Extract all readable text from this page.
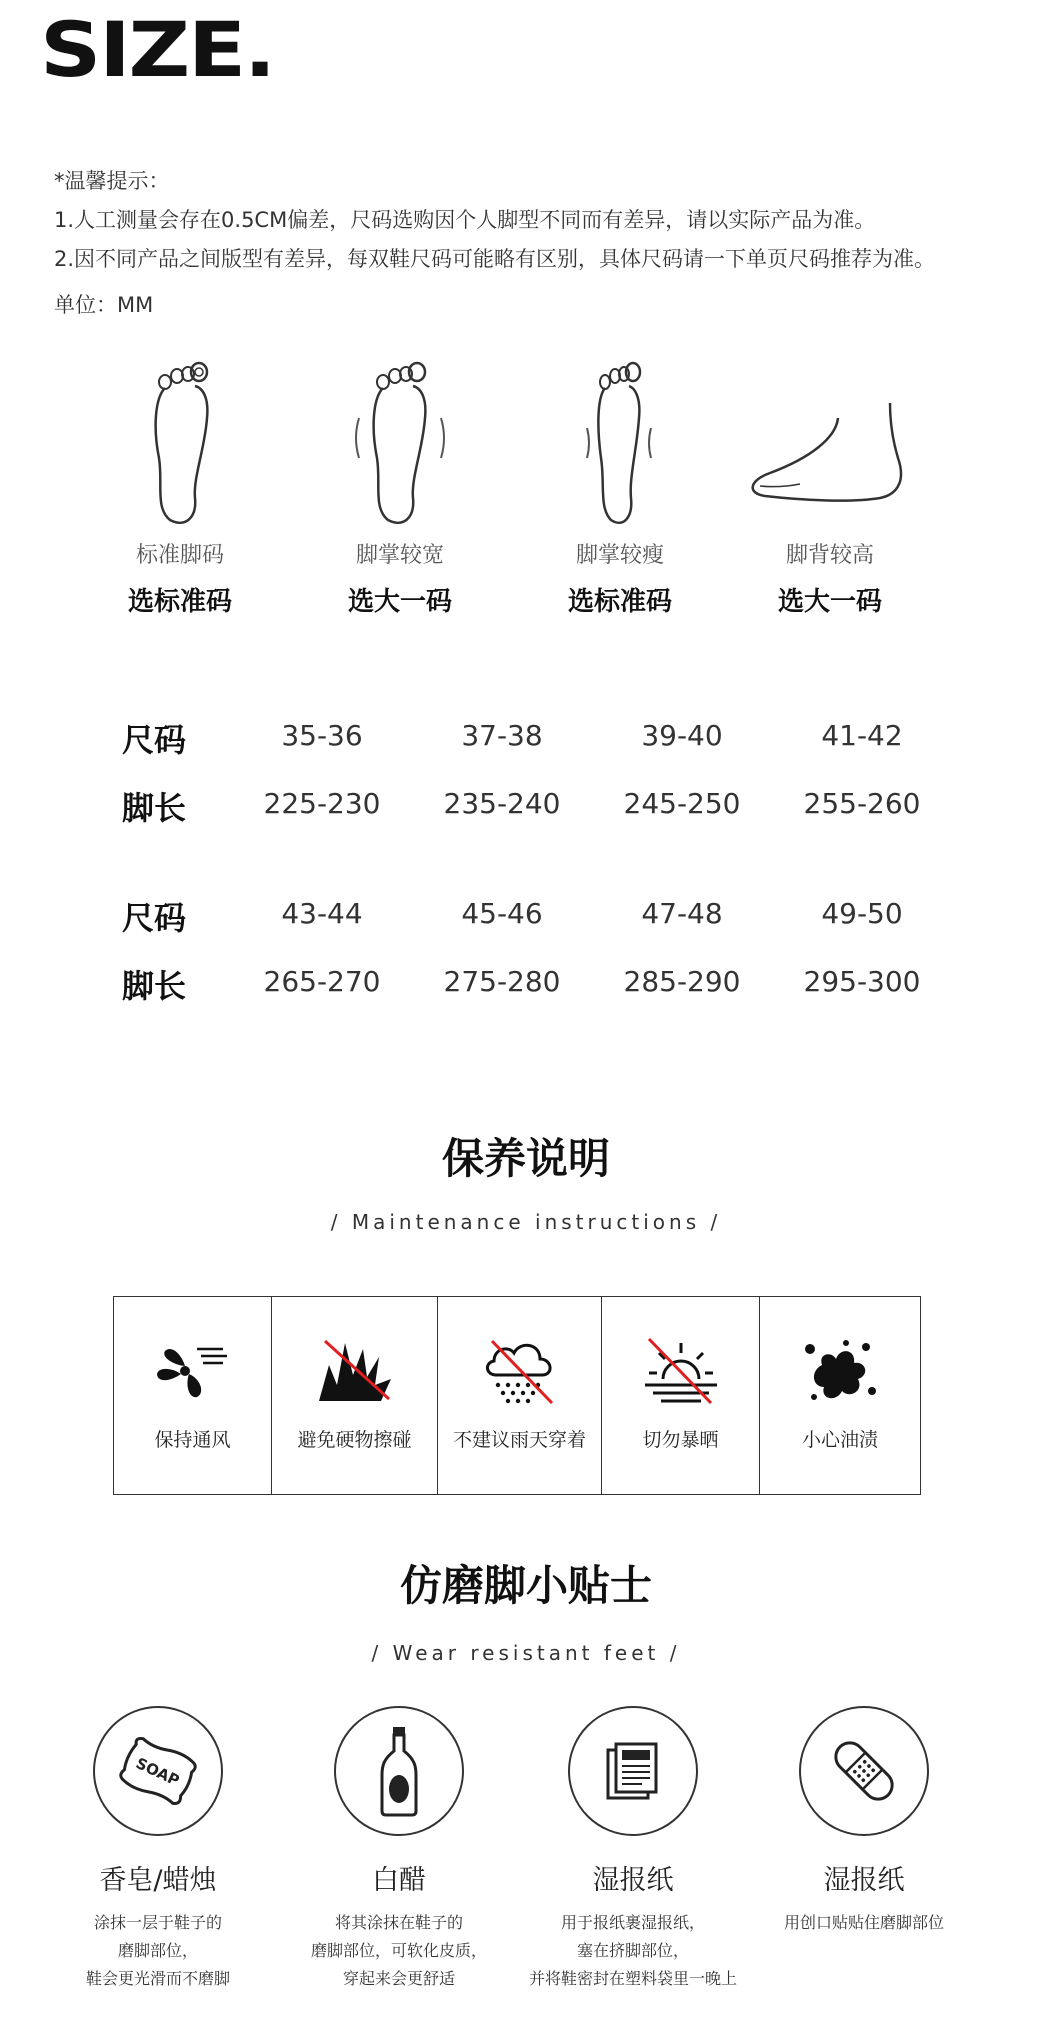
SIZE.
*温馨提示：
1.人工测量会存在0.5CM偏差，尺码选购因个人脚型不同而有差异，请以实际产品为准。
2.因不同产品之间版型有差异，每双鞋尺码可能略有区别，具体尺码请一下单页尺码推荐为准。
单位：MM
标准脚码
选标准码
脚掌较宽
选大一码
脚掌较瘦
选标准码
脚背较高
选大一码
尺码	35-36	37-38	39-40	41-42
脚长	225-230	235-240	245-250	255-260
尺码	43-44	45-46	47-48	49-50
脚长	265-270	275-280	285-290	295-300
保养说明
/ Maintenance instructions /
保持通风	避免硬物擦碰	不建议雨天穿着	切勿暴晒	小心油渍
仿磨脚小贴士
/ Wear resistant feet /
SOAP
香皂/蜡烛
涂抹一层于鞋子的
磨脚部位，
鞋会更光滑而不磨脚
白醋
将其涂抹在鞋子的
磨脚部位，可软化皮质，
穿起来会更舒适
湿报纸
用于报纸裹湿报纸，
塞在挤脚部位，
并将鞋密封在塑料袋里一晚上
湿报纸
用创口贴贴住磨脚部位
